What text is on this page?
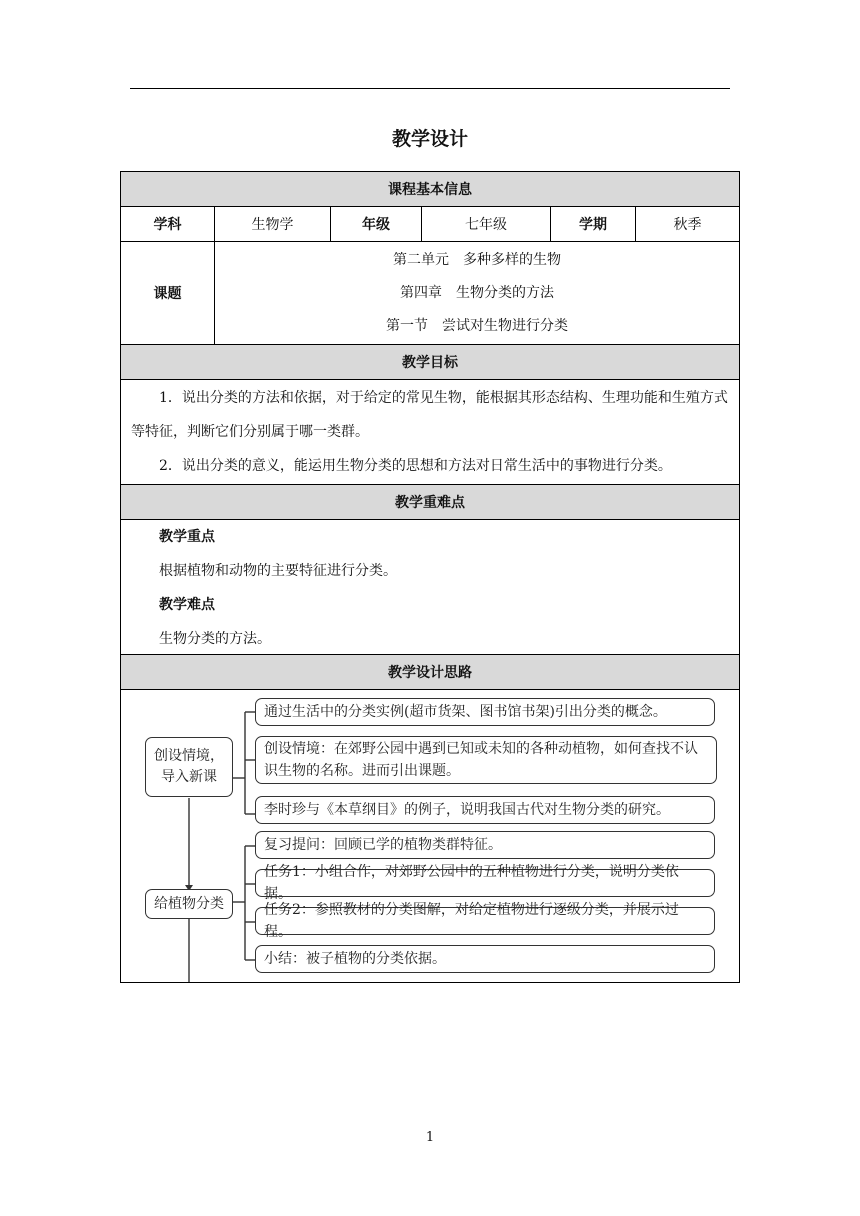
教学设计
课程基本信息
学科	生物学	年级	七年级	学期	秋季
课题
第二单元　多种多样的生物
第四章　生物分类的方法
第一节　尝试对生物进行分类
教学目标

1．说出分类的方法和依据，对于给定的常见生物，能根据其形态结构、生理功能和生殖方式等特征，判断它们分别属于哪一类群。

2．说出分类的意义，能运用生物分类的思想和方法对日常生活中的事物进行分类。

教学重难点

教学重点

根据植物和动物的主要特征进行分类。

教学难点

生物分类的方法。

教学设计思路
创设情境，
导入新课
给植物分类
通过生活中的分类实例(超市货架、图书馆书架)引出分类的概念。
创设情境：在郊野公园中遇到已知或未知的各种动植物，如何查找不认识生物的名称。进而引出课题。
李时珍与《本草纲目》的例子，说明我国古代对生物分类的研究。
复习提问：回顾已学的植物类群特征。
任务1：小组合作，对郊野公园中的五种植物进行分类，说明分类依据。
任务2：参照教材的分类图解，对给定植物进行逐级分类，并展示过程。
小结：被子植物的分类依据。
1
